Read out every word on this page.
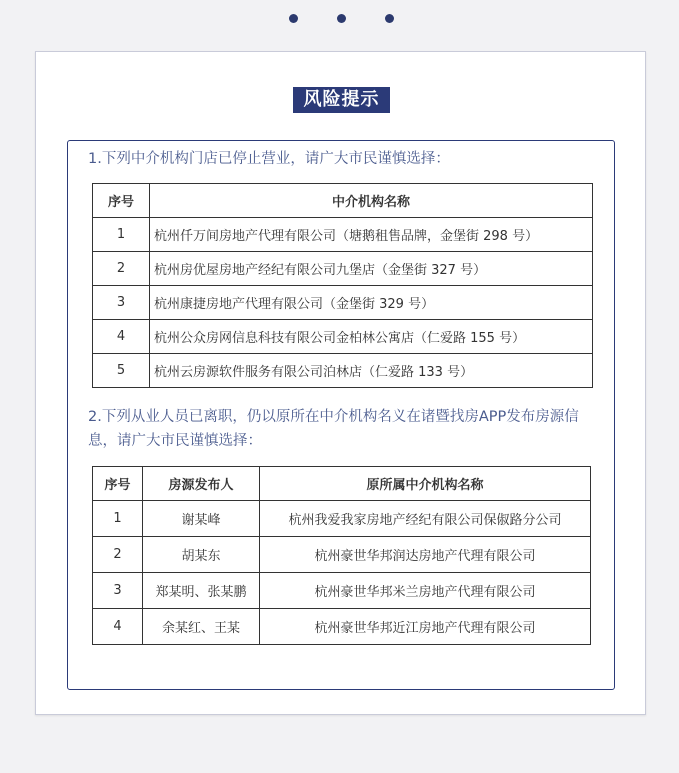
风险提示
1.下列中介机构门店已停止营业，请广大市民谨慎选择：
序号	中介机构名称
1	杭州仟万间房地产代理有限公司（塘鹅租售品牌，金堡街 298 号）
2	杭州房优屋房地产经纪有限公司九堡店（金堡街 327 号）
3	杭州康捷房地产代理有限公司（金堡街 329 号）
4	杭州公众房网信息科技有限公司金柏林公寓店（仁爱路 155 号）
5	杭州云房源软件服务有限公司泊林店（仁爱路 133 号）
2.下列从业人员已离职，仍以原所在中介机构名义在诸暨找房APP发布房源信息，请广大市民谨慎选择：
序号	房源发布人	原所属中介机构名称
1	谢某峰	杭州我爱我家房地产经纪有限公司保俶路分公司
2	胡某东	杭州豪世华邦润达房地产代理有限公司
3	郑某明、张某鹏	杭州豪世华邦米兰房地产代理有限公司
4	余某红、王某	杭州豪世华邦近江房地产代理有限公司
